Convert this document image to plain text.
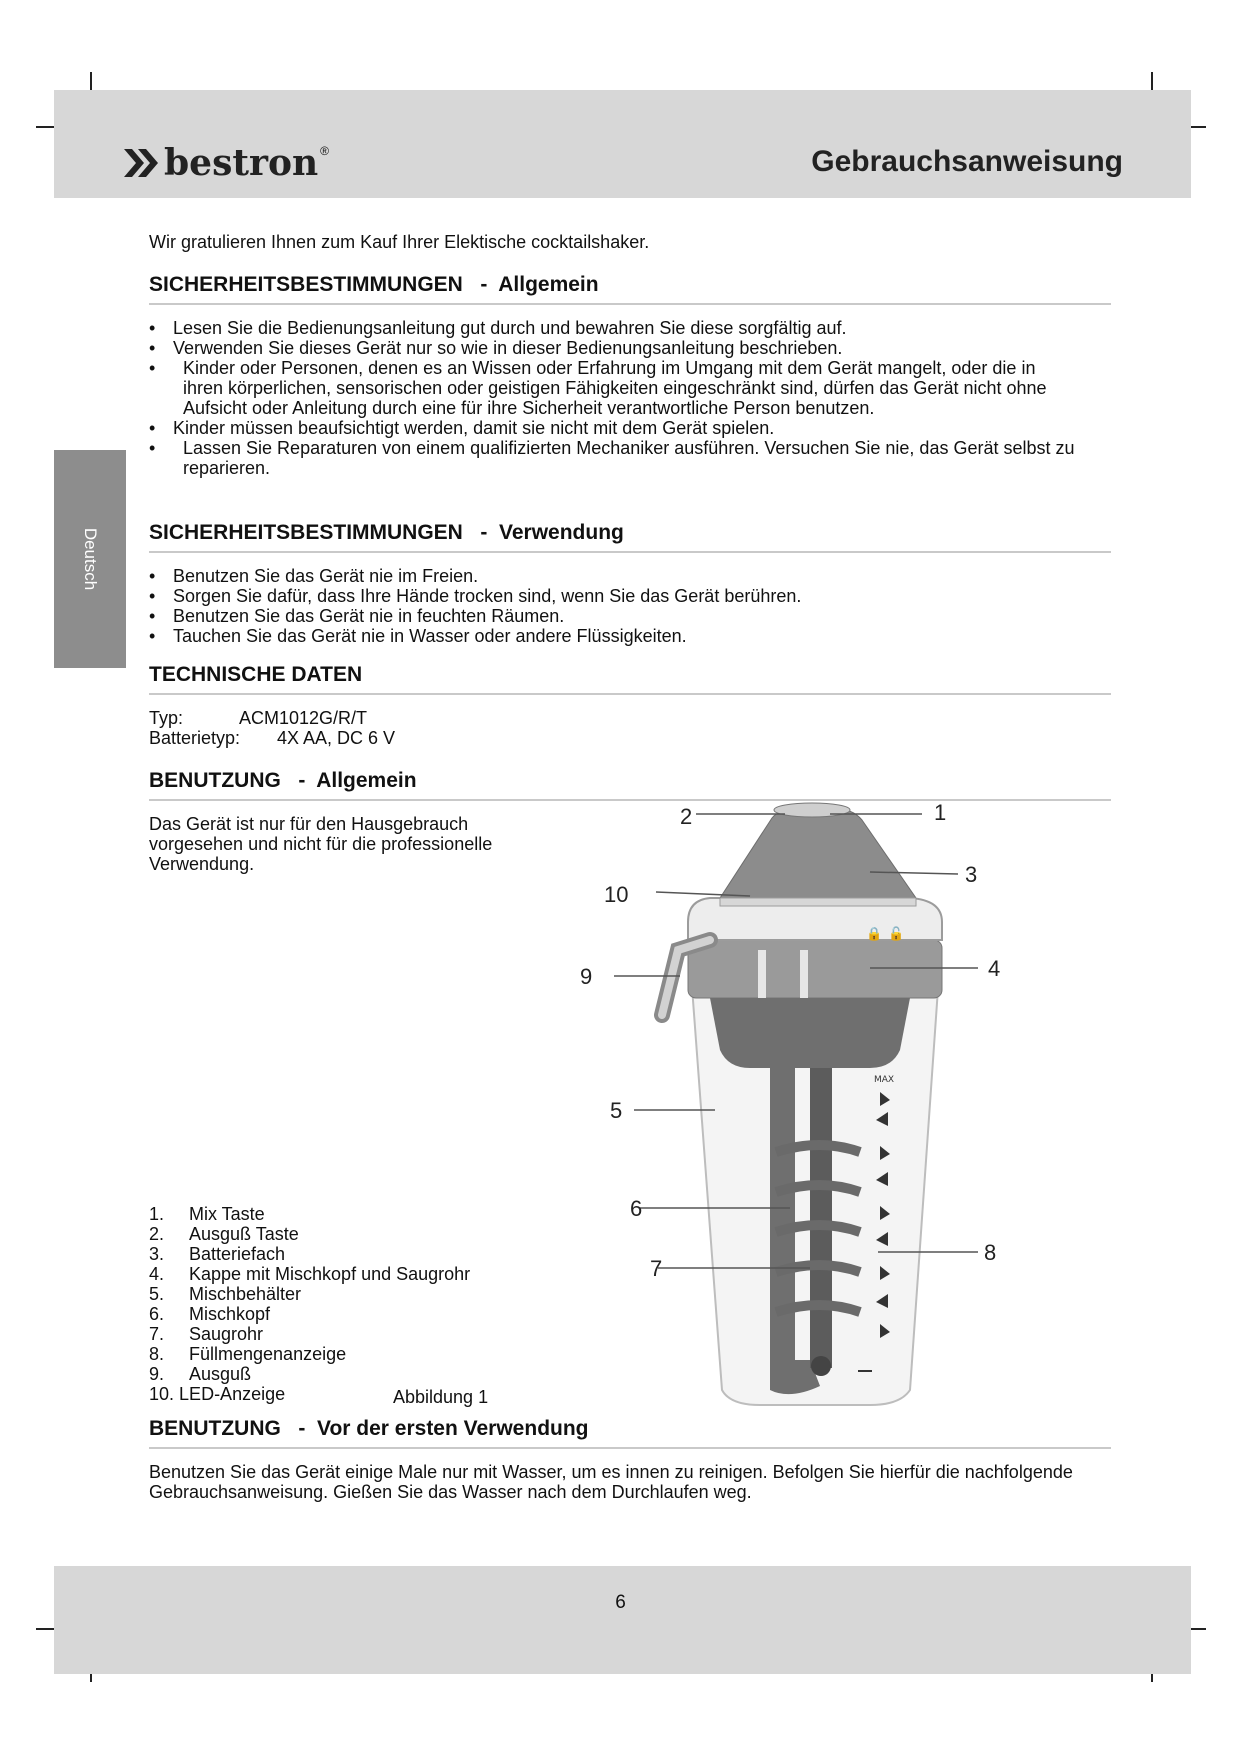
bestron ®	Gebrauchsanweisung
Deutsch
Wir gratulieren Ihnen zum Kauf Ihrer Elektische cocktailshaker.
SICHERHEITSBESTIMMUNGEN   -  Allgemein
• Lesen Sie die Bedienungsanleitung gut durch und bewahren Sie diese sorgfältig auf.
• Verwenden Sie dieses Gerät nur so wie in dieser Bedienungsanleitung beschrieben.
• Kinder oder Personen, denen es an Wissen oder Erfahrung im Umgang mit dem Gerät mangelt, oder die in ihren körperlichen, sensorischen oder geistigen Fähigkeiten eingeschränkt sind, dürfen das Gerät nicht ohne Aufsicht oder Anleitung durch eine für ihre Sicherheit verantwortliche Person benutzen.
• Kinder müssen beaufsichtigt werden, damit sie nicht mit dem Gerät spielen.
• Lassen Sie Reparaturen von einem qualifizierten Mechaniker ausführen. Versuchen Sie nie, das Gerät selbst zu reparieren.
SICHERHEITSBESTIMMUNGEN   -  Verwendung
• Benutzen Sie das Gerät nie im Freien.
• Sorgen Sie dafür, dass Ihre Hände trocken sind, wenn Sie das Gerät berühren.
• Benutzen Sie das Gerät nie in feuchten Räumen.
• Tauchen Sie das Gerät nie in Wasser oder andere Flüssigkeiten.
TECHNISCHE DATEN
Typ:	ACM1012G/R/T
Batterietyp: 4X AA, DC 6 V
BENUTZUNG   -  Allgemein
Das Gerät ist nur für den Hausgebrauch vorgesehen und nicht für die professionelle Verwendung.
1. Mix Taste
2. Ausguß Taste
3. Batteriefach
4. Kappe mit Mischkopf und Saugrohr
5. Mischbehälter
6. Mischkopf
7. Saugrohr
8. Füllmengenanzeige
9. Ausguß
10. LED-Anzeige	Abbildung 1
🔒 🔓
MAX
1
2
3
4
5
6
7
8
9
10
BENUTZUNG   -  Vor der ersten Verwendung
Benutzen Sie das Gerät einige Male nur mit Wasser, um es innen zu reinigen. Befolgen Sie hierfür die nachfolgende Gebrauchsanweisung. Gießen Sie das Wasser nach dem Durchlaufen weg.
6
